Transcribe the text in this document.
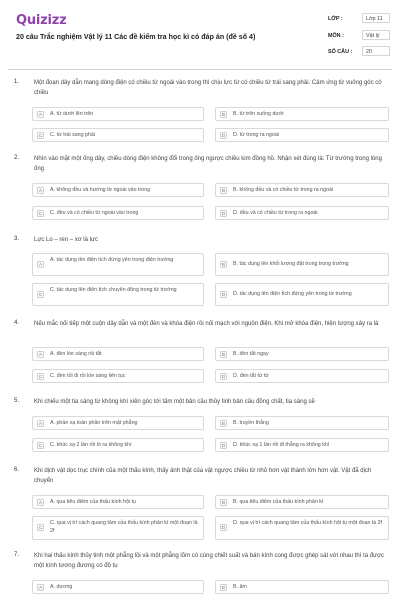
Quizizz
20 câu Trắc nghiệm Vật lý 11 Các đề kiểm tra học kì có đáp án (đề số 4)
LỚP :	Lớp 11
MÔN :	Vật lý
SỐ CÂU :	20
1. Một đoạn dây dẫn mang dòng điện có chiều từ ngoài vào trong thì chịu lực từ có chiều từ trái sang phải. Cảm ứng từ vuông góc có chiều
A	A. từ dưới lên trên	B	B. từ trên xuống dưới
C	C. từ trái sang phải	D	D. từ trong ra ngoài
2. Nhìn vào mặt một ống dây, chiều dòng điện không đổi trong ống ngược chiều kim đồng hồ. Nhận xét đúng là: Từ trường trong lòng ống
A	A. không đều và hướng từ ngoài vào trong	B	B. không đều và có chiều từ trong ra ngoài
C	C. đều và có chiều từ ngoài vào trong	D	D. đều và có chiều từ trong ra ngoài
3. Lực Lo – ren – xơ là lực
A
A. tác dụng lên điện tích đứng yên trong điện trường
B	B. tác dụng lên khối lượng đặt trong trọng trường
C
C. tác dụng lên điện tích chuyển động trong từ trường
D	D. tác dụng lên điện tích đứng yên trong từ trường
4. Nếu mắc nối tiếp một cuộn dây dẫn và một đèn và khóa điện rồi nối mạch với nguồn điện. Khi mở khóa điện, hiện tượng xảy ra là
A	A. đèn lóe sáng rồi tắt	B	B. đèn tắt ngay
C	C. đèn tối đi rồi lóe sáng liên tục	D	D. đèn tắt từ từ
5. Khi chiếu một tia sáng từ không khí xiên góc tới tấm một bản cầu thủy tinh bản cầu đồng chất, tia sáng sẽ
A	A. phản xạ toàn phần trên mặt phẳng	B	B. truyền thẳng
C	C. khúc xạ 2 lần rồi ló ra không khí	D	D. khúc xạ 1 lần rồi đi thẳng ra không khí
6. Khi dịch vật dọc trục chính của một thấu kính, thấy ảnh thật của vật ngược chiều từ nhỏ hơn vật thành lớn hơn vật. Vật đã dịch chuyển
A	A. qua tiêu điểm của thấu kính hội tụ	B	B. qua tiêu điểm của thấu kính phân kì
C
C. qua vị trí cách quang tâm của thấu kính phân kì một đoạn là 2f
D
D. qua vị trí cách quang tâm của thấu kính hội tụ một đoạn là 2f
7. Khi hai thấu kính thủy tinh một phẳng lồi và một phẳng lõm có cùng chiết suất và bán kính cong được ghép sát với nhau thì ta được một kính tương đương có độ tụ
A	A. dương	B	B. âm
